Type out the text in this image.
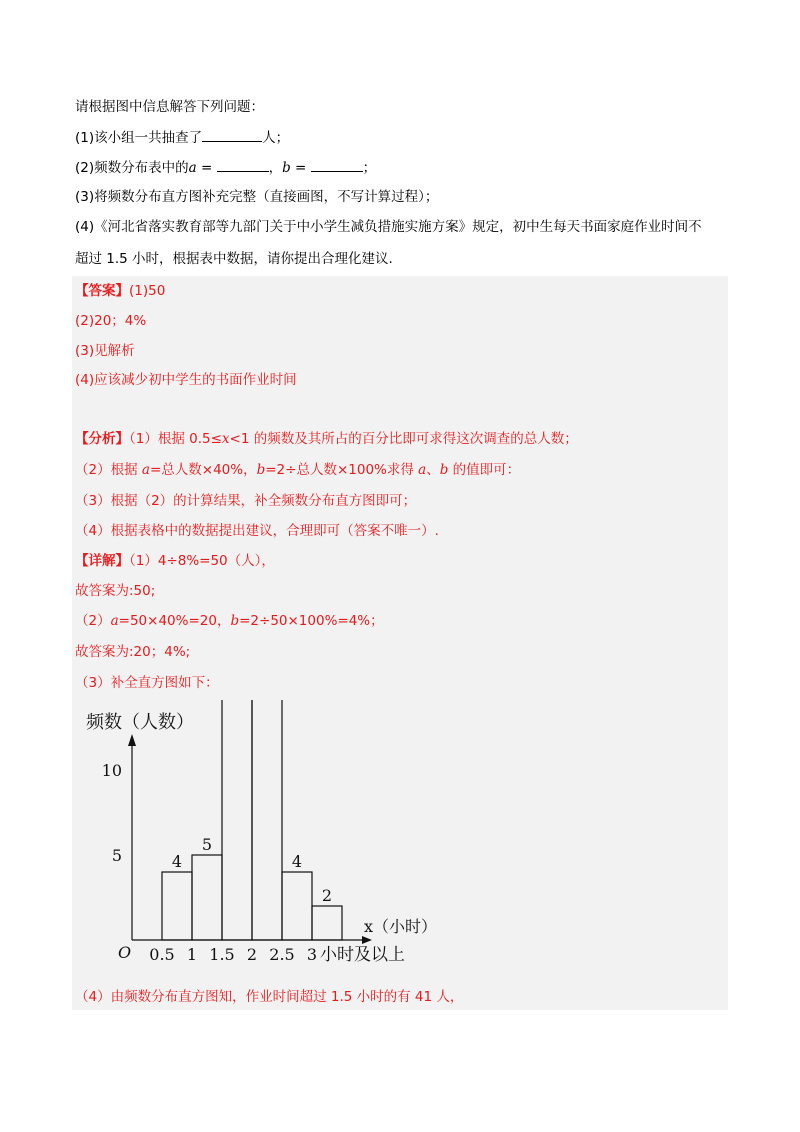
请根据图中信息解答下列问题：
(1)该小组一共抽查了	人；
(2)频数分布表中的a =	，b =	；
(3)将频数分布直方图补充完整（直接画图，不写计算过程）；
(4)《河北省落实教育部等九部门关于中小学生减负措施实施方案》规定，初中生每天书面家庭作业时间不
超过 1.5 小时，根据表中数据，请你提出合理化建议.
【答案】(1)50
(2)20；4%
(3)见解析
(4)应该减少初中学生的书面作业时间
【分析】（1）根据 0.5≤x<1 的频数及其所占的百分比即可求得这次调查的总人数；
（2）根据 a=总人数×40%，b=2÷总人数×100%求得 a、b 的值即可：
（3）根据（2）的计算结果，补全频数分布直方图即可；
（4）根据表格中的数据提出建议，合理即可（答案不唯一）.
【详解】（1）4÷8%=50（人），
故答案为:50;
（2）a=50×40%=20，b=2÷50×100%=4%；
故答案为:20；4%;
（3）补全直方图如下：
频数（人数）
5
10
0.5 1 1.5 2 2.5 3
4
5
4
2
O
x（小时）
小时及以上
（4）由频数分布直方图知，作业时间超过 1.5 小时的有 41 人，
